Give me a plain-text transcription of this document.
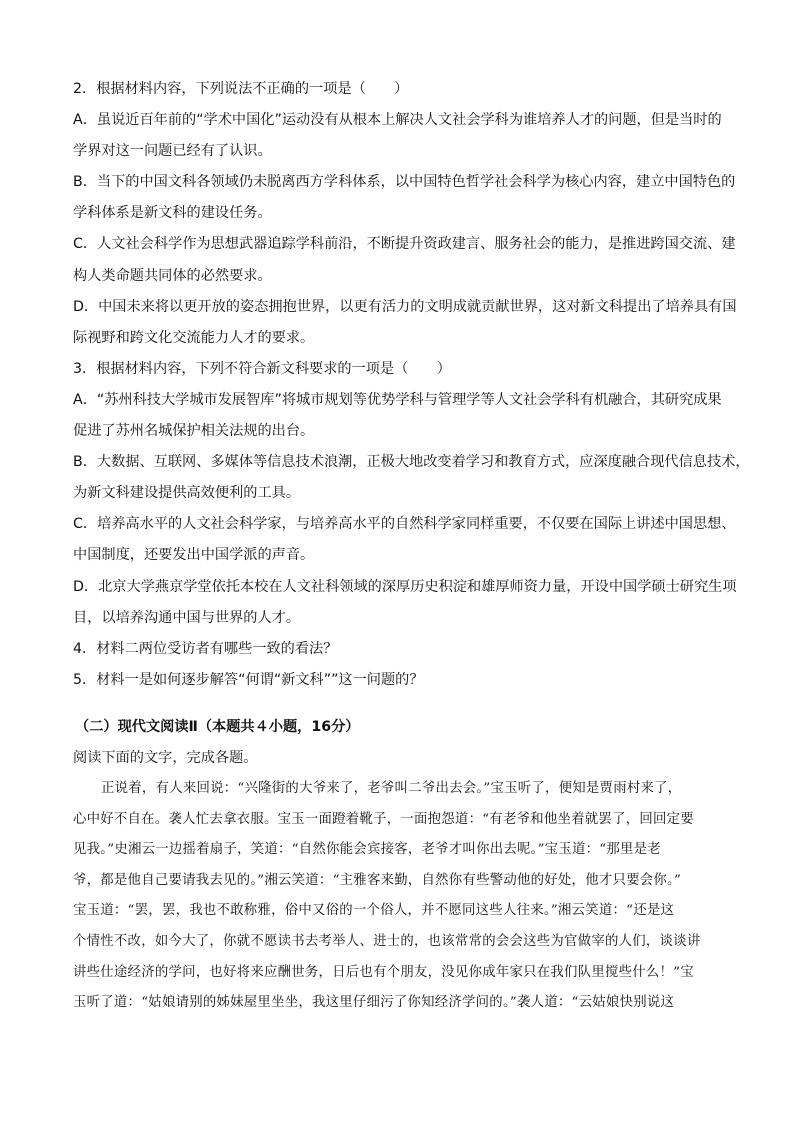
2．根据材料内容，下列说法不正确的一项是（　　）
A．虽说近百年前的“学术中国化”运动没有从根本上解决人文社会学科为谁培养人才的问题，但是当时的
学界对这一问题已经有了认识。
B．当下的中国文科各领域仍未脱离西方学科体系，以中国特色哲学社会科学为核心内容，建立中国特色的
学科体系是新文科的建设任务。
C．人文社会科学作为思想武器追踪学科前沿，不断提升资政建言、服务社会的能力，是推进跨国交流、建
构人类命题共同体的必然要求。
D．中国未来将以更开放的姿态拥抱世界，以更有活力的文明成就贡献世界，这对新文科提出了培养具有国
际视野和跨文化交流能力人才的要求。
3．根据材料内容，下列不符合新文科要求的一项是（　　）
A．“苏州科技大学城市发展智库”将城市规划等优势学科与管理学等人文社会学科有机融合，其研究成果
促进了苏州名城保护相关法规的出台。
B．大数据、互联网、多媒体等信息技术浪潮，正极大地改变着学习和教育方式，应深度融合现代信息技术，
为新文科建设提供高效便利的工具。
C．培养高水平的人文社会科学家，与培养高水平的自然科学家同样重要，不仅要在国际上讲述中国思想、
中国制度，还要发出中国学派的声音。
D．北京大学燕京学堂依托本校在人文社科领域的深厚历史积淀和雄厚师资力量，开设中国学硕士研究生项
目，以培养沟通中国与世界的人才。
4．材料二两位受访者有哪些一致的看法？
5．材料一是如何逐步解答“何谓“新文科””这一问题的？
（二）现代文阅读Ⅱ（本题共４小题，16分）
阅读下面的文字，完成各题。
正说着，有人来回说：“兴隆街的大爷来了，老爷叫二爷出去会。”宝玉听了，便知是贾雨村来了，
心中好不自在。袭人忙去拿衣服。宝玉一面蹬着靴子，一面抱怨道：“有老爷和他坐着就罢了，回回定要
见我。”史湘云一边摇着扇子，笑道：“自然你能会宾接客，老爷才叫你出去呢。”宝玉道：“那里是老
爷，都是他自己要请我去见的。”湘云笑道：“主雅客来勤，自然你有些警动他的好处，他才只要会你。”
宝玉道：“罢，罢，我也不敢称雅，俗中又俗的一个俗人，并不愿同这些人往来。”湘云笑道：“还是这
个情性不改，如今大了，你就不愿读书去考举人、进士的，也该常常的会会这些为官做宰的人们，谈谈讲
讲些仕途经济的学问，也好将来应酬世务，日后也有个朋友，没见你成年家只在我们队里搅些什么！”宝
玉听了道：“姑娘请别的姊妹屋里坐坐，我这里仔细污了你知经济学问的。”袭人道：“云姑娘快别说这
